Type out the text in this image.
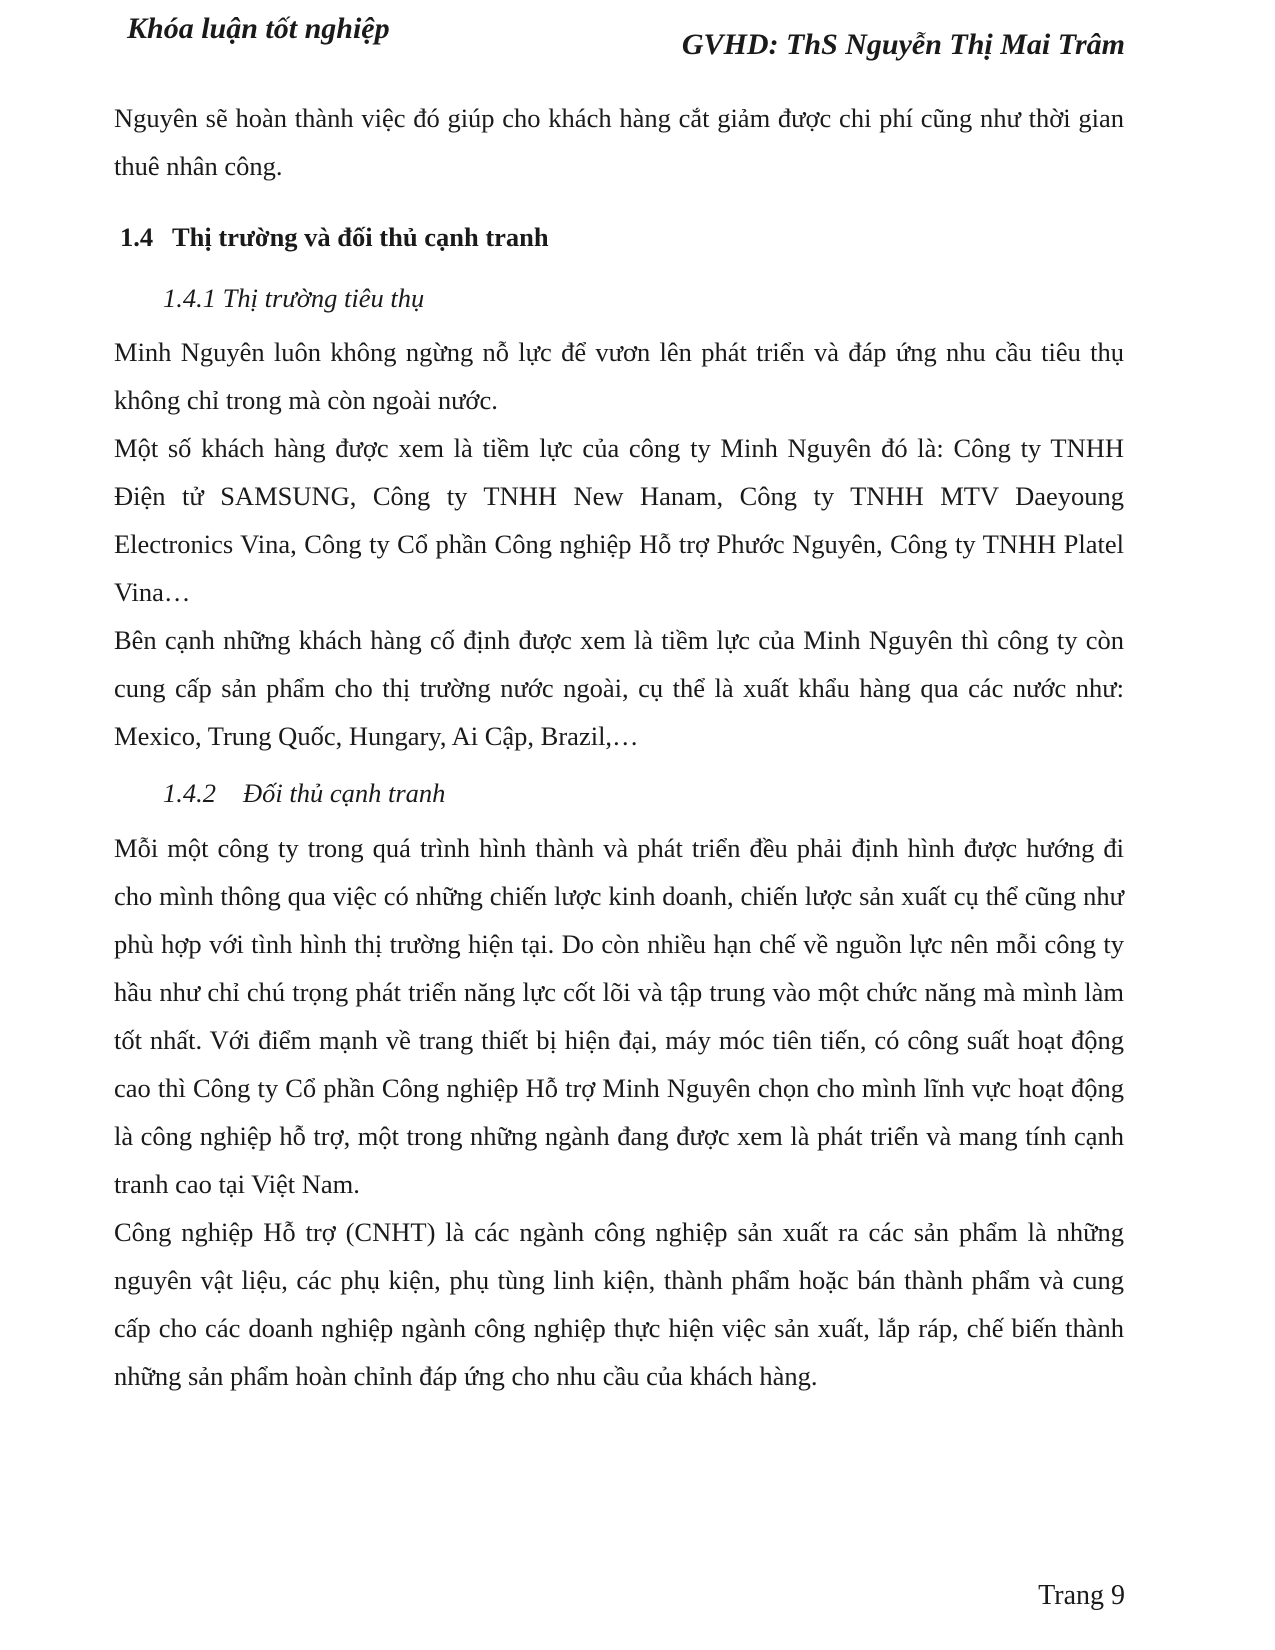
Khóa luận tốt nghiệp	GVHD: ThS Nguyễn Thị Mai Trâm

Nguyên sẽ hoàn thành việc đó giúp cho khách hàng cắt giảm được chi phí cũng như thời gian thuê nhân công.

1.4 Thị trường và đối thủ cạnh tranh
1.4.1 Thị trường tiêu thụ

Minh Nguyên luôn không ngừng nỗ lực để vươn lên phát triển và đáp ứng nhu cầu tiêu thụ không chỉ trong mà còn ngoài nước.

Một số khách hàng được xem là tiềm lực của công ty Minh Nguyên đó là: Công ty TNHH Điện tử SAMSUNG, Công ty TNHH New Hanam, Công ty TNHH MTV Daeyoung Electronics Vina, Công ty Cổ phần Công nghiệp Hỗ trợ Phước Nguyên, Công ty TNHH Platel Vina…

Bên cạnh những khách hàng cố định được xem là tiềm lực của Minh Nguyên thì công ty còn cung cấp sản phẩm cho thị trường nước ngoài, cụ thể là xuất khẩu hàng qua các nước như: Mexico, Trung Quốc, Hungary, Ai Cập, Brazil,…

1.4.2 Đối thủ cạnh tranh

Mỗi một công ty trong quá trình hình thành và phát triển đều phải định hình được hướng đi cho mình thông qua việc có những chiến lược kinh doanh, chiến lược sản xuất cụ thể cũng như phù hợp với tình hình thị trường hiện tại. Do còn nhiều hạn chế về nguồn lực nên mỗi công ty hầu như chỉ chú trọng phát triển năng lực cốt lõi và tập trung vào một chức năng mà mình làm tốt nhất. Với điểm mạnh về trang thiết bị hiện đại, máy móc tiên tiến, có công suất hoạt động cao thì Công ty Cổ phần Công nghiệp Hỗ trợ Minh Nguyên chọn cho mình lĩnh vực hoạt động là công nghiệp hỗ trợ, một trong những ngành đang được xem là phát triển và mang tính cạnh tranh cao tại Việt Nam.

Công nghiệp Hỗ trợ (CNHT) là các ngành công nghiệp sản xuất ra các sản phẩm là những nguyên vật liệu, các phụ kiện, phụ tùng linh kiện, thành phẩm hoặc bán thành phẩm và cung cấp cho các doanh nghiệp ngành công nghiệp thực hiện việc sản xuất, lắp ráp, chế biến thành những sản phẩm hoàn chỉnh đáp ứng cho nhu cầu của khách hàng.

Trang 9
